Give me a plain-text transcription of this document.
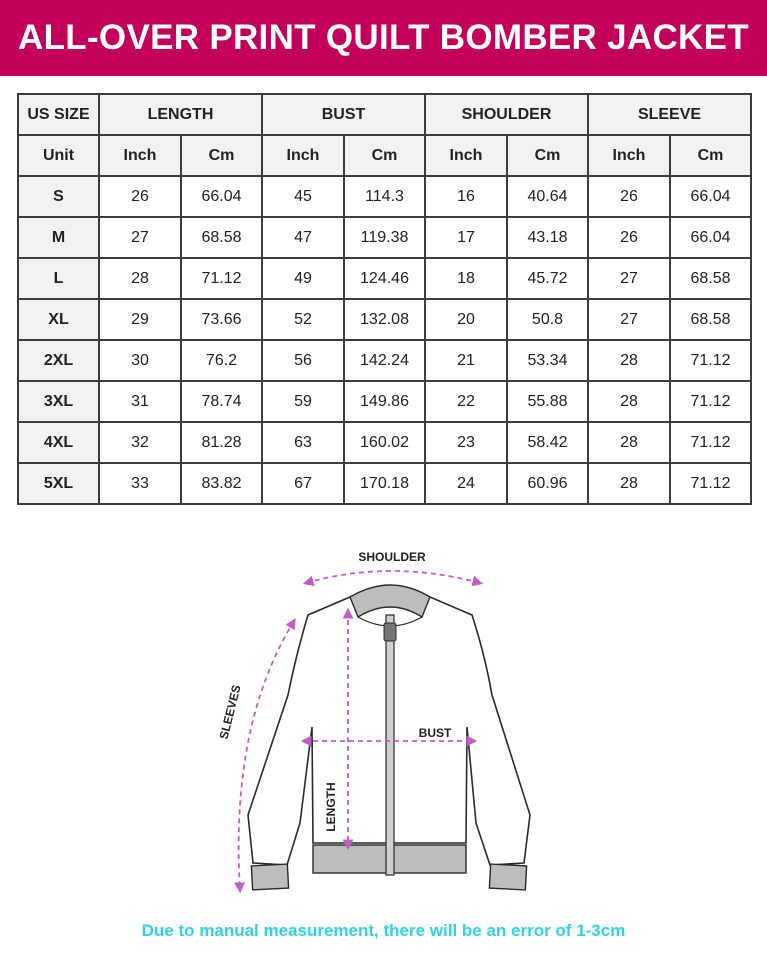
ALL-OVER PRINT QUILT BOMBER JACKET
US SIZE	LENGTH		BUST		SHOULDER		SLEEVE	
Unit	Inch	Cm	Inch	Cm	Inch	Cm	Inch	Cm
S	26	66.04	45	114.3	16	40.64	26	66.04
M	27	68.58	47	119.38	17	43.18	26	66.04
L	28	71.12	49	124.46	18	45.72	27	68.58
XL	29	73.66	52	132.08	20	50.8	27	68.58
2XL	30	76.2	56	142.24	21	53.34	28	71.12
3XL	31	78.74	59	149.86	22	55.88	28	71.12
4XL	32	81.28	63	160.02	23	58.42	28	71.12
5XL	33	83.82	67	170.18	24	60.96	28	71.12
SHOULDER
SLEEVES	BUST
LENGTH
Due to manual measurement, there will be an error of 1-3cm
